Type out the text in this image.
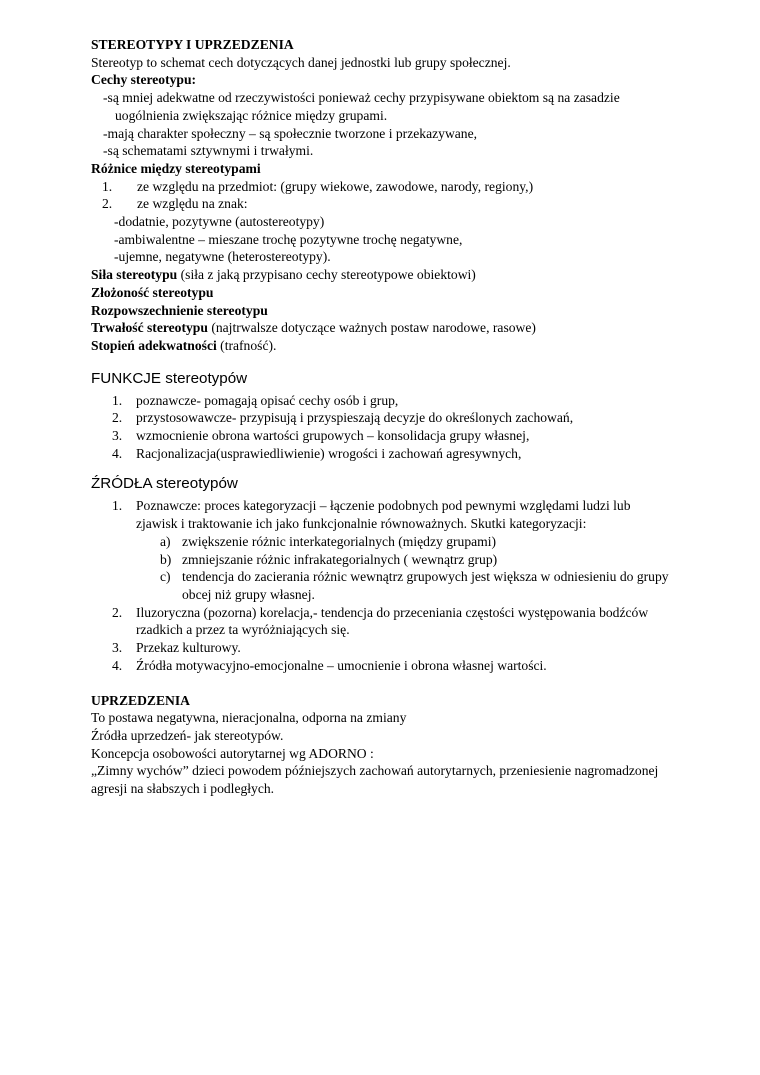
STEREOTYPY I UPRZEDZENIA

Stereotyp to schemat cech dotyczących danej jednostki lub grupy społecznej.

Cechy stereotypu:

-są mniej adekwatne od rzeczywistości ponieważ cechy przypisywane obiektom są na zasadzie

uogólnienia zwiększając różnice między grupami.

-mają charakter społeczny – są społecznie tworzone i przekazywane,

-są schematami sztywnymi i trwałymi.

Różnice między stereotypami

1. ze względu na przedmiot: (grupy wiekowe, zawodowe, narody, regiony,)
2. ze względu na znak:

-dodatnie, pozytywne (autostereotypy)

-ambiwalentne – mieszane trochę pozytywne trochę negatywne,

-ujemne, negatywne (heterostereotypy).

Siła stereotypu (siła z jaką przypisano cechy stereotypowe obiektowi)

Złożoność stereotypu

Rozpowszechnienie stereotypu

Trwałość stereotypu (najtrwalsze dotyczące ważnych postaw narodowe, rasowe)

Stopień adekwatności (trafność).

FUNKCJE stereotypów

1. poznawcze- pomagają opisać cechy osób i grup,
2. przystosowawcze- przypisują i przyspieszają decyzje do określonych zachowań,
3. wzmocnienie obrona wartości grupowych – konsolidacja grupy własnej,
4. Racjonalizacja(usprawiedliwienie) wrogości i zachowań agresywnych,

ŹRÓDŁA stereotypów

1. Poznawcze: proces kategoryzacji – łączenie podobnych pod pewnymi względami ludzi lub
zjawisk i traktowanie ich jako funkcjonalnie równoważnych. Skutki kategoryzacji:
a) zwiększenie różnic interkategorialnych (między grupami)
b) zmniejszanie różnic infrakategorialnych ( wewnątrz grup)
c) tendencja do zacierania różnic wewnątrz grupowych jest większa w odniesieniu do grupy
obcej niż grupy własnej.
2. Iluzoryczna (pozorna) korelacja,- tendencja do przeceniania częstości występowania bodźców
rzadkich a przez ta wyróżniających się.
3. Przekaz kulturowy.
4. Źródła motywacyjno-emocjonalne – umocnienie i obrona własnej wartości.

UPRZEDZENIA

To postawa negatywna, nieracjonalna, odporna na zmiany

Źródła uprzedzeń- jak stereotypów.

Koncepcja osobowości autorytarnej wg ADORNO :

„Zimny wychów” dzieci powodem późniejszych zachowań autorytarnych, przeniesienie nagromadzonej

agresji na słabszych i podległych.
